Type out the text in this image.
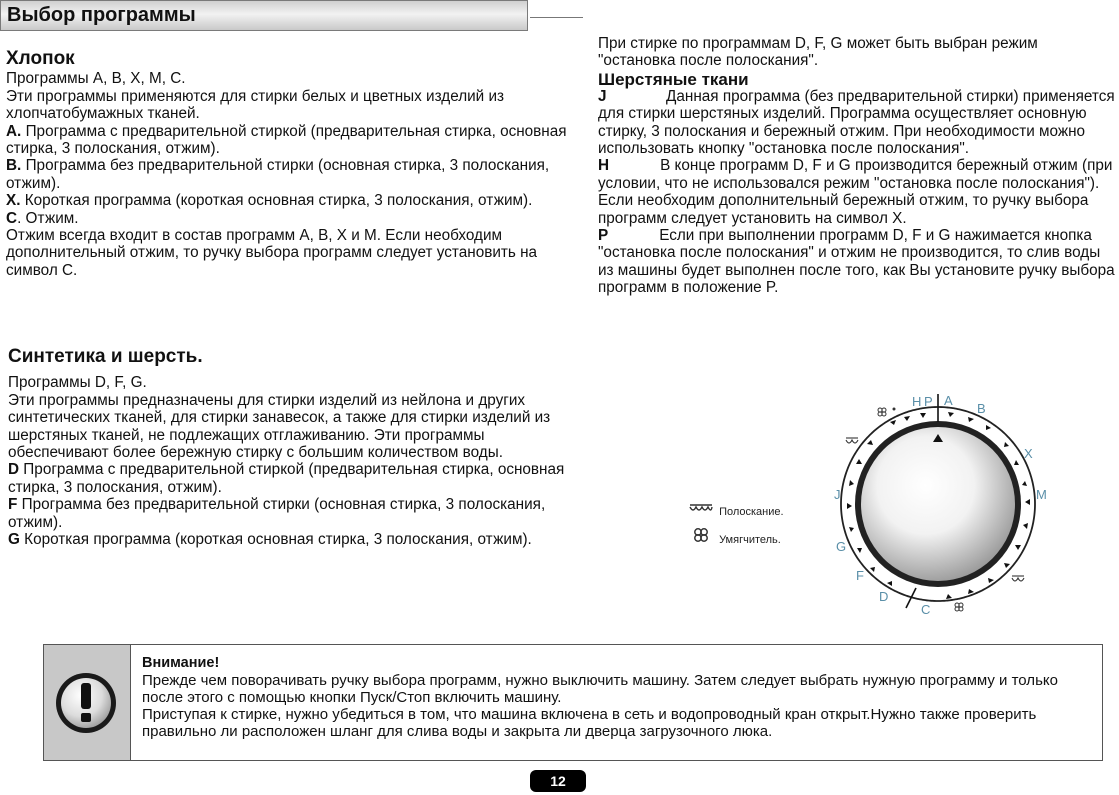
Выбор программы

Хлопок

Программы A, B, X, M, C.

Эти программы применяются для стирки белых и цветных изделий из хлопчатобумажных тканей.

A. Программа с предварительной стиркой (предварительная стирка, основная стирка, 3 полоскания, отжим).

B. Программа без предварительной стирки (основная стирка, 3 полоскания, отжим).

X. Короткая программа (короткая основная стирка, 3 полоскания, отжим).

C. Отжим.

Отжим всегда входит в состав программ A, B, X и M. Если необходим дополнительный отжим, то ручку выбора программ следует установить на символ C.

Синтетика и шерсть.

Программы D, F, G.

Эти программы предназначены для стирки изделий из нейлона и других синтетических тканей, для стирки занавесок, а также для стирки изделий из шерстяных тканей, не подлежащих отглаживанию. Эти программы обеспечивают более бережную стирку с большим количеством воды.

D Программа с предварительной стиркой (предварительная стирка, основная стирка, 3 полоскания, отжим).

F Программа без предварительной стирки (основная стирка, 3 полоскания, отжим).

G Короткая программа (короткая основная стирка, 3 полоскания, отжим).

При стирке по программам D, F, G может быть выбран режим "остановка после полоскания".

Шерстяные ткани

J	Данная программа (без предварительной стирки) применяется для стирки шерстяных изделий. Программа осуществляет основную стирку, 3 полоскания и бережный отжим. При необходимости можно использовать кнопку "остановка после полоскания".

H	В конце программ D, F и G производится бережный отжим (при условии, что не использовался режим "остановка после полоскания"). Если необходим дополнительный бережный отжим, то ручку выбора программ следует установить на символ X.

P	Если при выполнении программ D, F и G нажимается кнопка "остановка после полоскания" и отжим не производится, то слив воды из машины будет выполнен после того, как Вы установите ручку выбора программ в положение P.

Полоскание.
Умягчитель.
H P A
B
X
M
C
D
F
G
J

Внимание!

Прежде чем поворачивать ручку выбора программ, нужно выключить машину. Затем следует выбрать нужную программу и только после этого с помощью кнопки Пуск/Стоп включить машину.

Приступая к стирке, нужно убедиться в том, что машина включена в сеть и водопроводный кран открыт.Нужно также проверить правильно ли расположен шланг для слива воды и закрыта ли дверца загрузочного люка.

12
